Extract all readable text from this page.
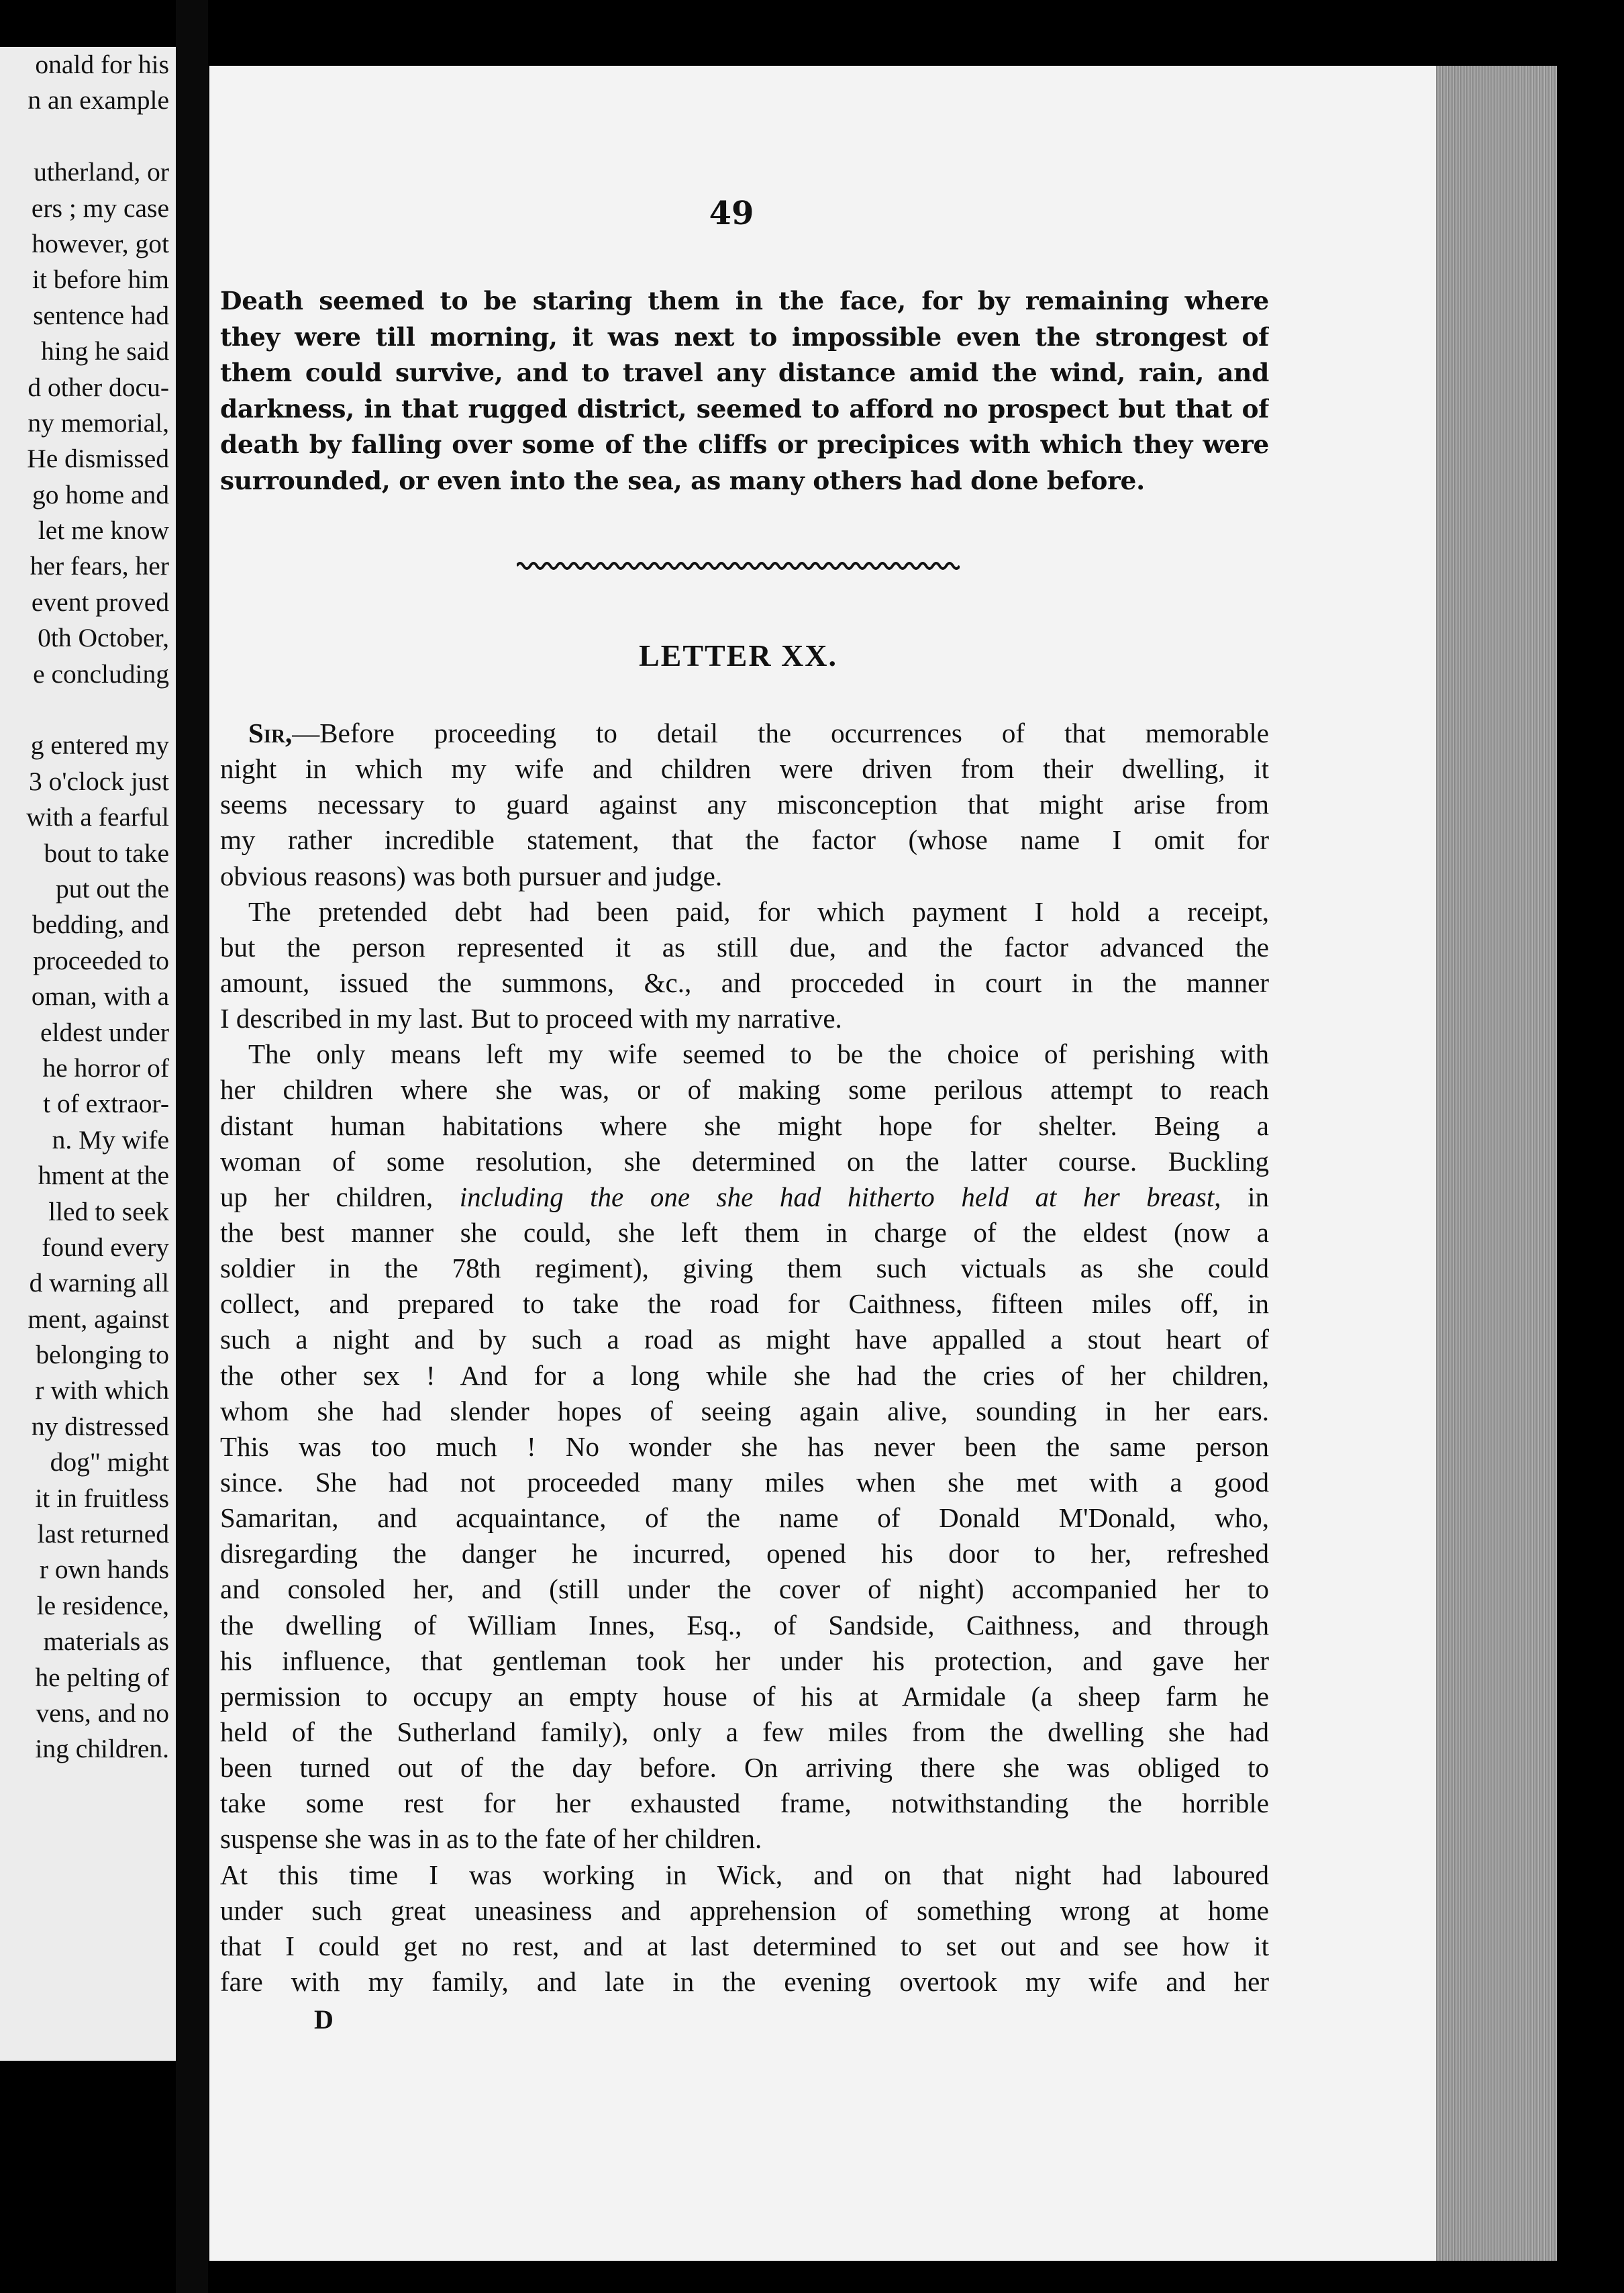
onald for his
n an example
utherland, or
ers ; my case
however, got
it before him
sentence had
hing he said
d other docu-
ny memorial,
He dismissed
go home and
let me know
her fears, her
event proved
0th October,
e concluding
g entered my
3 o'clock just
with a fearful
bout to take
put out the
bedding, and
proceeded to
oman, with a
eldest under
he horror of
t of extraor-
n. My wife
hment at the
lled to seek
found every
d warning all
ment, against
belonging to
r with which
ny distressed
dog" might
it in fruitless
last returned
r own hands
le residence,
materials as
he pelting of
vens, and no
ing children.
49
Death seemed to be staring them in the face, for by remaining where
they were till morning, it was next to impossible even the strongest of
them could survive, and to travel any distance amid the wind, rain, and
darkness, in that rugged district, seemed to afford no prospect but that of
death by falling over some of the cliffs or precipices with which they were
surrounded, or even into the sea, as many others had done before.
LETTER XX.
Sir,—Before proceeding to detail the occurrences of that memorable
night in which my wife and children were driven from their dwelling, it
seems necessary to guard against any misconception that might arise from
my rather incredible statement, that the factor (whose name I omit for
obvious reasons) was both pursuer and judge.
The pretended debt had been paid, for which payment I hold a receipt,
but the person represented it as still due, and the factor advanced the
amount, issued the summons, &c., and procceded in court in the manner
I described in my last. But to proceed with my narrative.
The only means left my wife seemed to be the choice of perishing with
her children where she was, or of making some perilous attempt to reach
distant human habitations where she might hope for shelter. Being a
woman of some resolution, she determined on the latter course. Buckling
up her children, including the one she had hitherto held at her breast, in
the best manner she could, she left them in charge of the eldest (now a
soldier in the 78th regiment), giving them such victuals as she could
collect, and prepared to take the road for Caithness, fifteen miles off, in
such a night and by such a road as might have appalled a stout heart of
the other sex ! And for a long while she had the cries of her children,
whom she had slender hopes of seeing again alive, sounding in her ears.
This was too much ! No wonder she has never been the same person
since. She had not proceeded many miles when she met with a good
Samaritan, and acquaintance, of the name of Donald M'Donald, who,
disregarding the danger he incurred, opened his door to her, refreshed
and consoled her, and (still under the cover of night) accompanied her to
the dwelling of William Innes, Esq., of Sandside, Caithness, and through
his influence, that gentleman took her under his protection, and gave her
permission to occupy an empty house of his at Armidale (a sheep farm he
held of the Sutherland family), only a few miles from the dwelling she had
been turned out of the day before. On arriving there she was obliged to
take some rest for her exhausted frame, notwithstanding the horrible
suspense she was in as to the fate of her children.
At this time I was working in Wick, and on that night had laboured
under such great uneasiness and apprehension of something wrong at home
that I could get no rest, and at last determined to set out and see how it
fare with my family, and late in the evening overtook my wife and her
D
